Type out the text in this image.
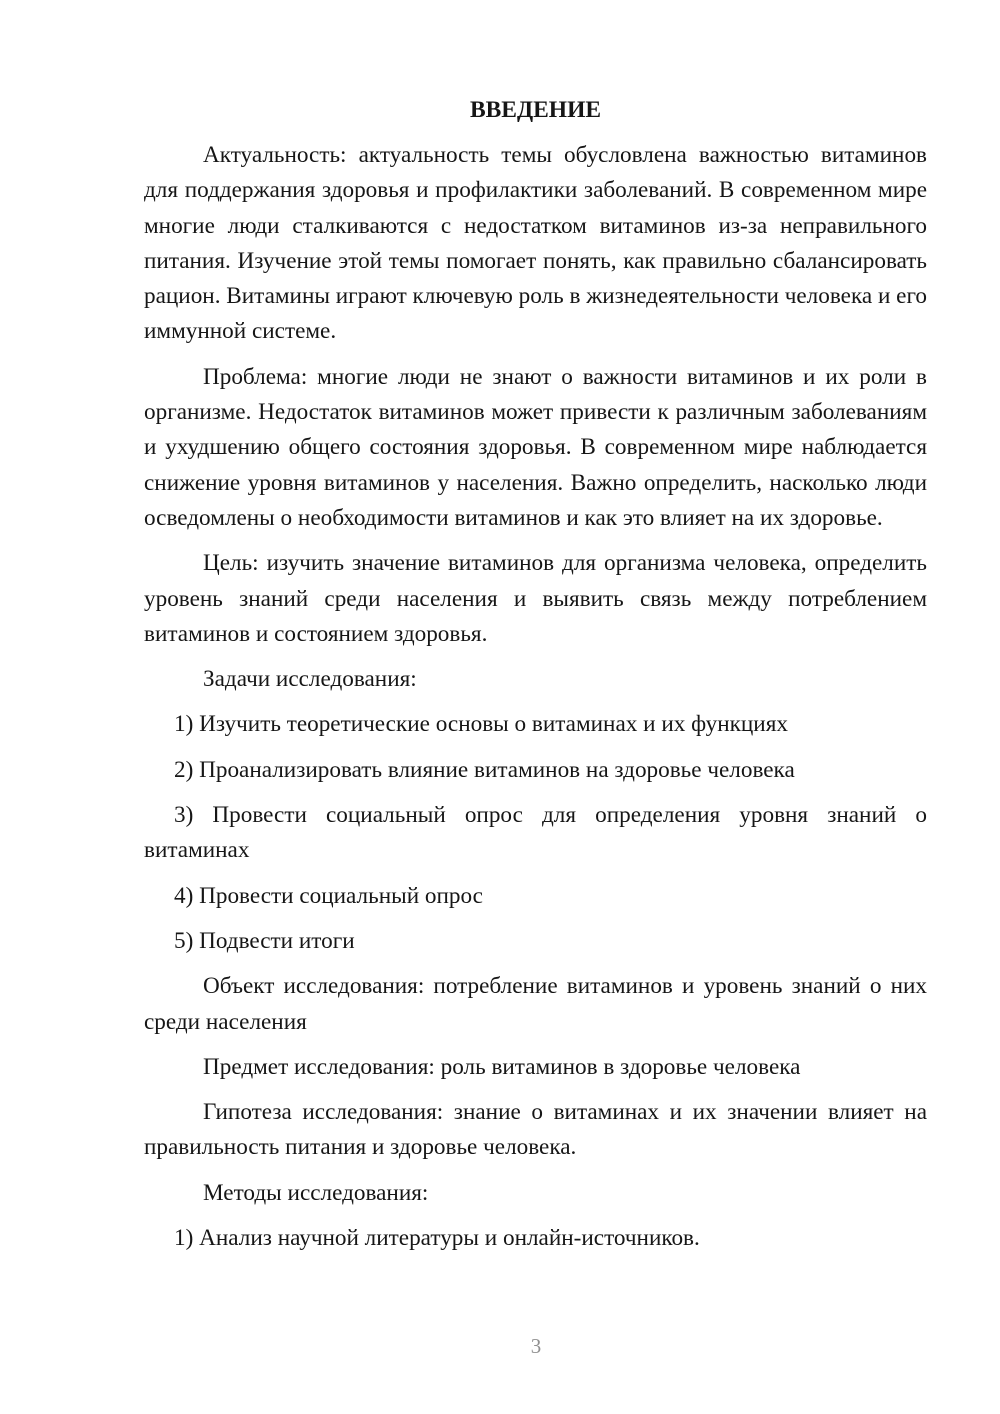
ВВЕДЕНИЕ
Актуальность: актуальность темы обусловлена важностью витаминов для поддержания здоровья и профилактики заболеваний. В современном мире многие люди сталкиваются с недостатком витаминов из-за неправильного питания. Изучение этой темы помогает понять, как правильно сбалансировать рацион. Витамины играют ключевую роль в жизнедеятельности человека и его иммунной системе.
Проблема: многие люди не знают о важности витаминов и их роли в организме. Недостаток витаминов может привести к различным заболеваниям и ухудшению общего состояния здоровья. В современном мире наблюдается снижение уровня витаминов у населения. Важно определить, насколько люди осведомлены о необходимости витаминов и как это влияет на их здоровье.
Цель: изучить значение витаминов для организма человека, определить уровень знаний среди населения и выявить связь между потреблением витаминов и состоянием здоровья.
Задачи исследования:
1) Изучить теоретические основы о витаминах и их функциях
2) Проанализировать влияние витаминов на здоровье человека
3) Провести социальный опрос для определения уровня знаний о витаминах
4) Провести социальный опрос
5) Подвести итоги
Объект исследования: потребление витаминов и уровень знаний о них среди населения
Предмет исследования: роль витаминов в здоровье человека
Гипотеза исследования: знание о витаминах и их значении влияет на правильность питания и здоровье человека.
Методы исследования:
1) Анализ научной литературы и онлайн-источников.
3
